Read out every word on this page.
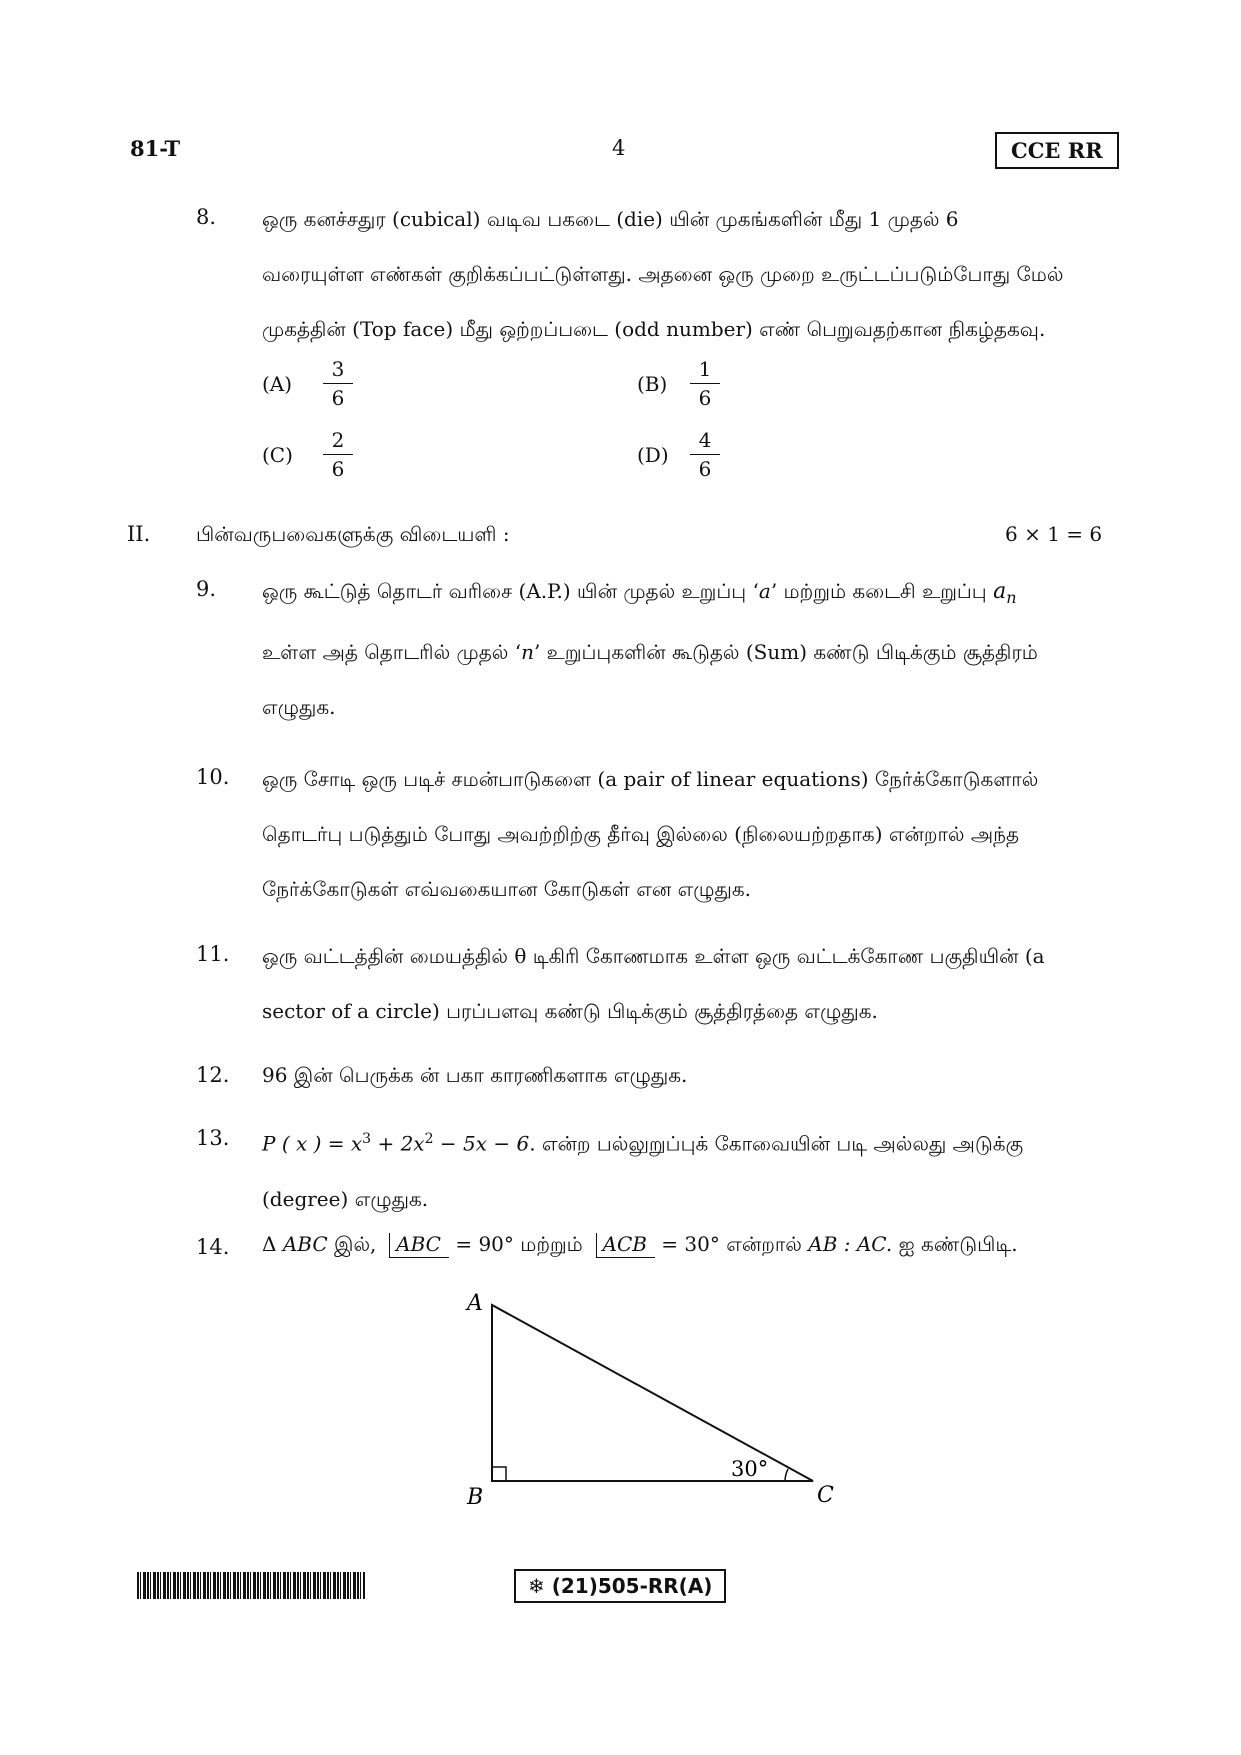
81-T	4	CCE RR
8. ஒரு கனச்சதுர (cubical) வடிவ பகடை (die) யின் முகங்களின் மீது 1 முதல் 6
வரையுள்ள எண்கள் குறிக்கப்பட்டுள்ளது. அதனை ஒரு முறை உருட்டப்படும்போது மேல்
முகத்தின் (Top face) மீது ஒற்றப்படை (odd number) எண் பெறுவதற்கான நிகழ்தகவு.
$(A) \frac{3}{6}$	$(B) \frac{1}{6}$
$(C) \frac{2}{6}$	$(D) \frac{4}{6}$
II. பின்வருபவைகளுக்கு விடையளி :	6 × 1 = 6
9. ஒரு கூட்டுத் தொடர் வரிசை (A.P.) யின் முதல் உறுப்பு ‘a’ மற்றும் கடைசி உறுப்பு $a_n$
உள்ள அத் தொடரில் முதல் ‘n’ உறுப்புகளின் கூடுதல் (Sum) கண்டு பிடிக்கும் சூத்திரம்
எழுதுக.
10. ஒரு சோடி ஒரு படிச் சமன்பாடுகளை (a pair of linear equations) நேர்க்கோடுகளால்
தொடர்பு படுத்தும் போது அவற்றிற்கு தீர்வு இல்லை (நிலையற்றதாக) என்றால் அந்த
நேர்க்கோடுகள் எவ்வகையான கோடுகள் என எழுதுக.
11. ஒரு வட்டத்தின் மையத்தில் θ டிகிரி கோணமாக உள்ள ஒரு வட்டக்கோண பகுதியின் (a
sector of a circle) பரப்பளவு கண்டு பிடிக்கும் சூத்திரத்தை எழுதுக.
12. 96 இன் பெருக்க ன் பகா காரணிகளாக எழுதுக.
13. P ( x ) = $x^3 + 2x^2 - 5x - 6$. என்ற பல்லுறுப்புக் கோவையின் படி அல்லது அடுக்கு
(degree) எழுதுக.
14. Δ ABC இல், ABC = 90° மற்றும் ACB = 30° என்றால் AB : AC. ஐ கண்டுபிடி.
A
B	C
30°
❄ (21)505-RR(A)
